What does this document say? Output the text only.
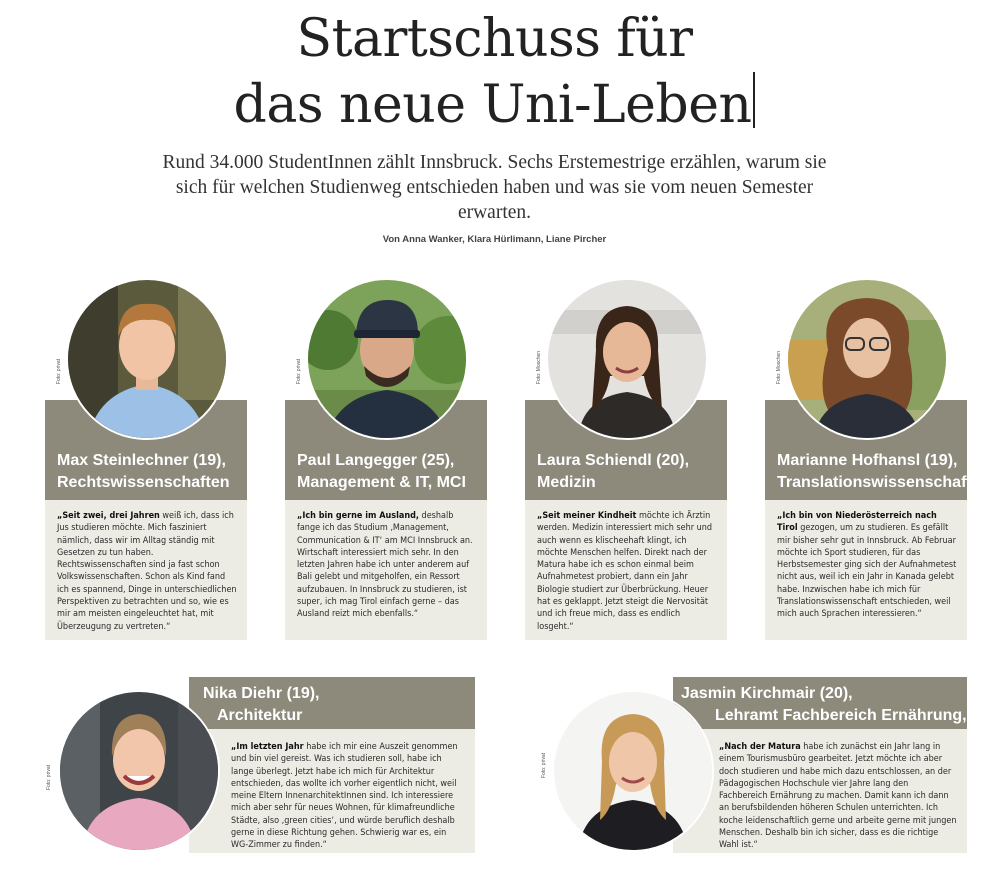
Startschuss für
das neue Uni-Leben
Rund 34.000 StudentInnen zählt Innsbruck. Sechs Erstemestrige erzählen, warum sie sich für welchen Studienweg entschieden haben und was sie vom neuen Semester erwarten.
Von Anna Wanker, Klara Hürlimann, Liane Pircher
Max Steinlechner (19),
Rechtswissenschaften
„Seit zwei, drei Jahren weiß ich, dass ich Jus studieren möchte. Mich fasziniert nämlich, dass wir im Alltag ständig mit Gesetzen zu tun haben. Rechtswissenschaften sind ja fast schon Volkswissenschaften. Schon als Kind fand ich es spannend, Dinge in unterschiedlichen Perspektiven zu betrachten und so, wie es mir am meisten eingeleuchtet hat, mit Überzeugung zu vertreten.“
Foto: privat
Paul Langegger (25),
Management & IT, MCI
„Ich bin gerne im Ausland, deshalb fange ich das Studium ‚Management, Communication & IT‘ am MCI Innsbruck an. Wirtschaft interessiert mich sehr. In den letzten Jahren habe ich unter anderem auf Bali gelebt und mitgeholfen, ein Ressort aufzubauen. In Innsbruck zu studieren, ist super, ich mag Tirol einfach gerne – das Ausland reizt mich ebenfalls.“
Foto: privat
Laura Schiendl (20),
Medizin
„Seit meiner Kindheit möchte ich Ärztin werden. Medizin interessiert mich sehr und auch wenn es klischeehaft klingt, ich möchte Menschen helfen. Direkt nach der Matura habe ich es schon einmal beim Aufnahmetest probiert, dann ein Jahr Biologie studiert zur Überbrückung. Heuer hat es geklappt. Jetzt steigt die Nervosität und ich freue mich, dass es endlich losgeht.“
Foto: Moschen
Marianne Hofhansl (19),
Translationswissenschaft
„Ich bin von Niederösterreich nach Tirol gezogen, um zu studieren. Es gefällt mir bisher sehr gut in Innsbruck. Ab Februar möchte ich Sport studieren, für das Herbstsemester ging sich der Aufnahmetest nicht aus, weil ich ein Jahr in Kanada gelebt habe. Inzwischen habe ich mich für Translationswissenschaft entschieden, weil mich auch Sprachen interessieren.“
Foto: Moschen
Nika Diehr (19),
Architektur
„Im letzten Jahr habe ich mir eine Auszeit genommen und bin viel gereist. Was ich studieren soll, habe ich lange überlegt. Jetzt habe ich mich für Architektur entschieden, das wollte ich vorher eigentlich nicht, weil meine Eltern InnenarchitektInnen sind. Ich interessiere mich aber sehr für neues Wohnen, für klimafreundliche Städte, also ‚green cities‘, und würde beruflich deshalb gerne in diese Richtung gehen. Schwierig war es, ein WG-Zimmer zu finden.“
Foto: privat
Jasmin Kirchmair (20),
Lehramt Fachbereich Ernährung,
„Nach der Matura habe ich zunächst ein Jahr lang in einem Tourismusbüro gearbeitet. Jetzt möchte ich aber doch studieren und habe mich dazu entschlossen, an der Pädagogischen Hochschule vier Jahre lang den Fachbereich Ernährung zu machen. Damit kann ich dann an berufsbildenden höheren Schulen unterrichten. Ich koche leidenschaftlich gerne und arbeite gerne mit jungen Menschen. Deshalb bin ich sicher, dass es die richtige Wahl ist.“
Foto: privat
